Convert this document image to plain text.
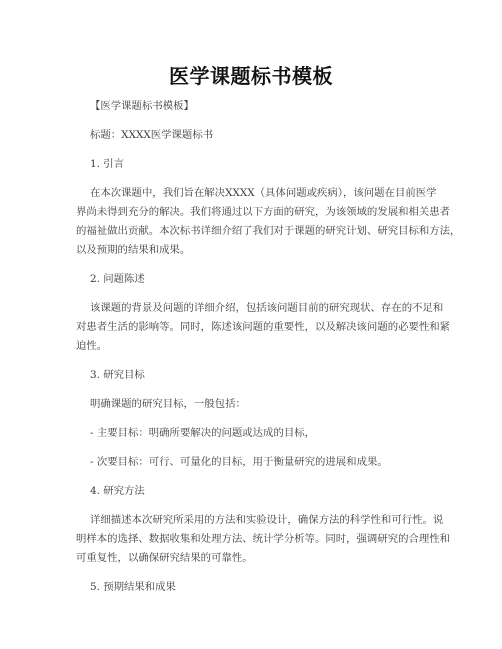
医学课题标书模板
【医学课题标书模板】
标题：XXXX医学课题标书
1. 引言
在本次课题中，我们旨在解决XXXX（具体问题或疾病），该问题在目前医学
界尚未得到充分的解决。我们将通过以下方面的研究，为该领域的发展和相关患者
的福祉做出贡献。本次标书详细介绍了我们对于课题的研究计划、研究目标和方法，
以及预期的结果和成果。
2. 问题陈述
该课题的背景及问题的详细介绍，包括该问题目前的研究现状、存在的不足和
对患者生活的影响等。同时，陈述该问题的重要性，以及解决该问题的必要性和紧
迫性。
3. 研究目标
明确课题的研究目标，一般包括：
- 主要目标：明确所要解决的问题或达成的目标，
- 次要目标：可行、可量化的目标，用于衡量研究的进展和成果。
4. 研究方法
详细描述本次研究所采用的方法和实验设计，确保方法的科学性和可行性。说
明样本的选择、数据收集和处理方法、统计学分析等。同时，强调研究的合理性和
可重复性，以确保研究结果的可靠性。
5. 预期结果和成果
